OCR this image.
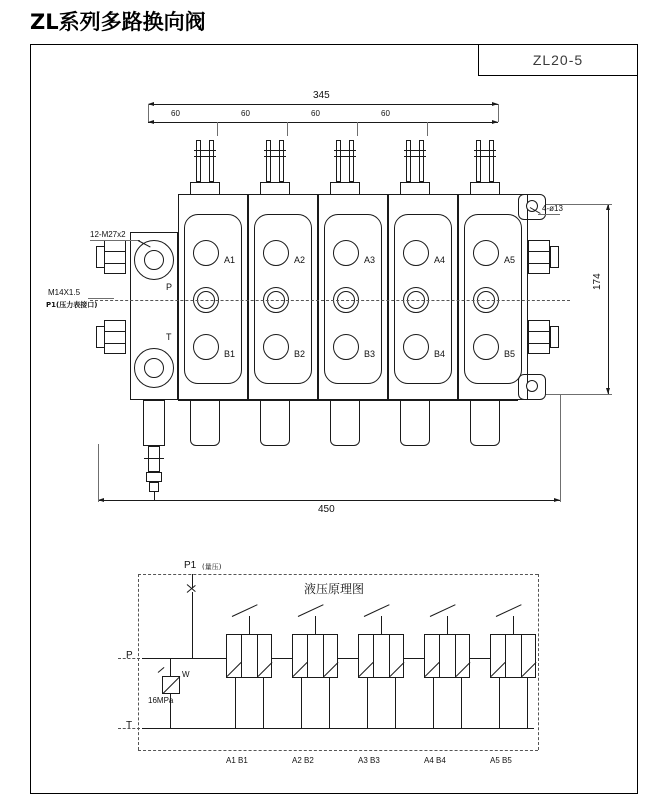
ZL系列多路换向阀
ZL20-5
345
60	60	60	60
A1	A2	A3	A4	A5
B1	B2	B3	B4	B5
P
T
12-M27x2
M14X1.5
P1(压力表接口)
4-ø13
174
450
液压原理图
P1 (量压)
P
T
W
16MPa
A1 B1	A2 B2	A3 B3	A4 B4	A5 B5
